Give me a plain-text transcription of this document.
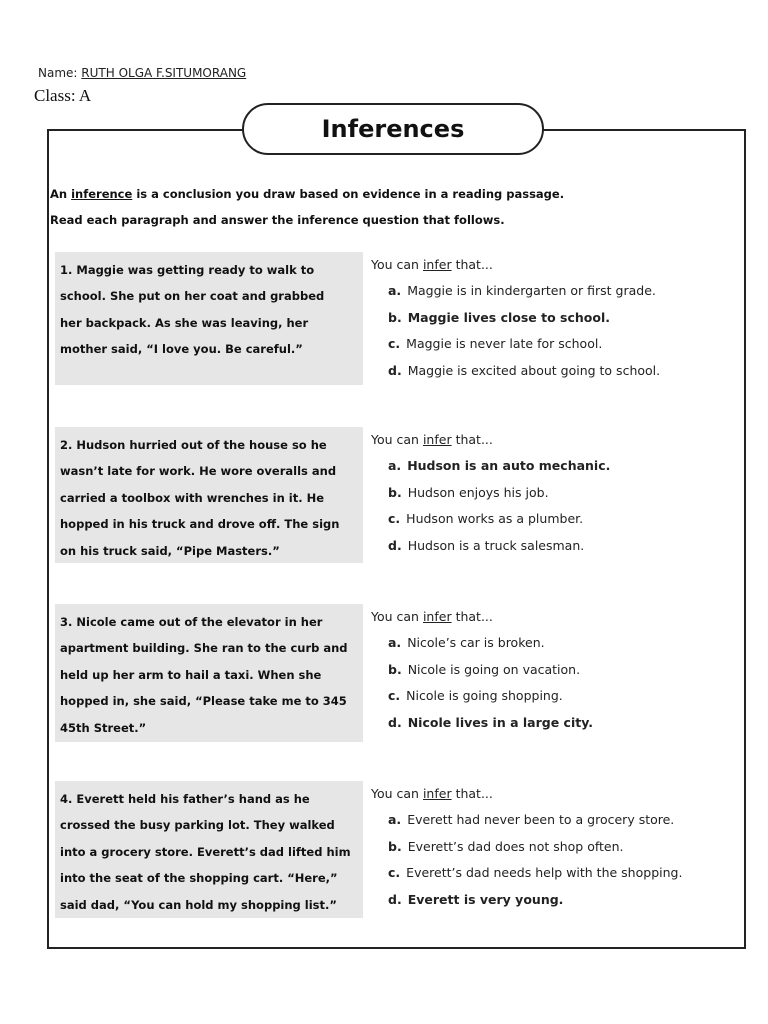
Name: RUTH OLGA F.SITUMORANG
Class: A
Inferences
An inference is a conclusion you draw based on evidence in a reading passage.
Read each paragraph and answer the inference question that follows.
1. Maggie was getting ready to walk to
school. She put on her coat and grabbed
her backpack. As she was leaving, her
mother said, “I love you. Be careful.”
You can infer that...
a. Maggie is in kindergarten or first grade.
b. Maggie lives close to school.
c. Maggie is never late for school.
d. Maggie is excited about going to school.
2. Hudson hurried out of the house so he
wasn’t late for work. He wore overalls and
carried a toolbox with wrenches in it. He
hopped in his truck and drove off. The sign
on his truck said, “Pipe Masters.”
You can infer that...
a. Hudson is an auto mechanic.
b. Hudson enjoys his job.
c. Hudson works as a plumber.
d. Hudson is a truck salesman.
3. Nicole came out of the elevator in her
apartment building. She ran to the curb and
held up her arm to hail a taxi. When she
hopped in, she said, “Please take me to 345
45th Street.”
You can infer that...
a. Nicole’s car is broken.
b. Nicole is going on vacation.
c. Nicole is going shopping.
d. Nicole lives in a large city.
4. Everett held his father’s hand as he
crossed the busy parking lot. They walked
into a grocery store. Everett’s dad lifted him
into the seat of the shopping cart. “Here,”
said dad, “You can hold my shopping list.”
You can infer that...
a. Everett had never been to a grocery store.
b. Everett’s dad does not shop often.
c. Everett’s dad needs help with the shopping.
d. Everett is very young.
